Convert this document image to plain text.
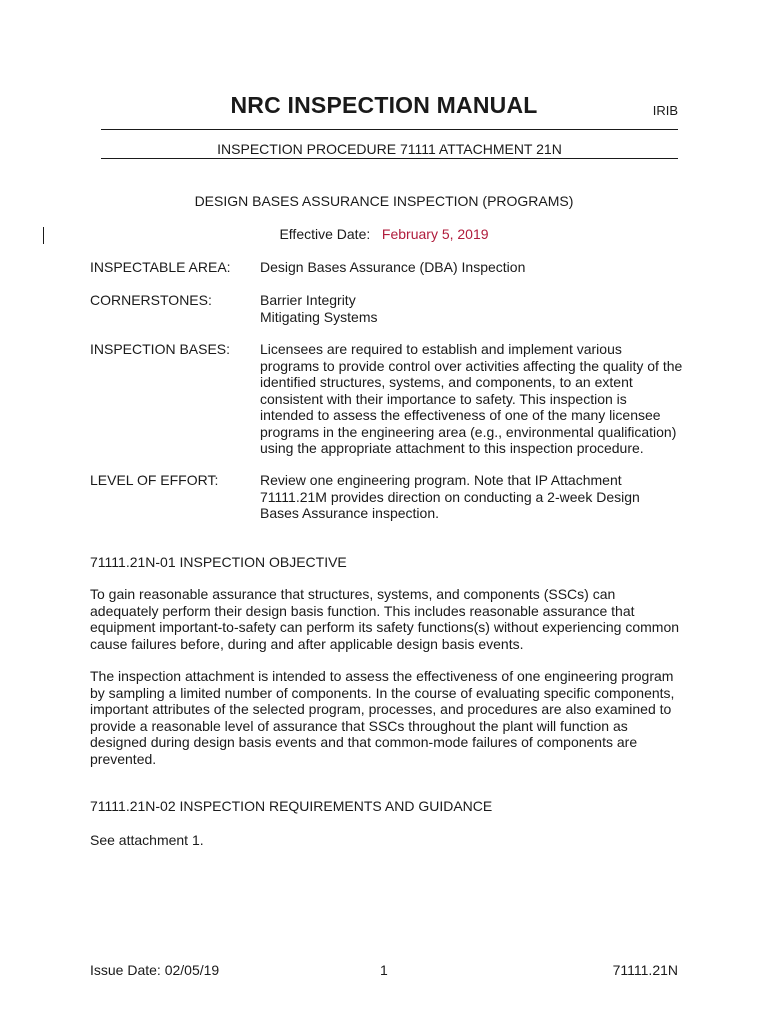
NRC INSPECTION MANUAL	IRIB
INSPECTION PROCEDURE 71111 ATTACHMENT 21N
DESIGN BASES ASSURANCE INSPECTION (PROGRAMS)
Effective Date: February 5, 2019
INSPECTABLE AREA: Design Bases Assurance (DBA) Inspection
CORNERSTONES:	Barrier Integrity
Mitigating Systems
INSPECTION BASES: Licensees are required to establish and implement various
programs to provide control over activities affecting the quality of the
identified structures, systems, and components, to an extent
consistent with their importance to safety. This inspection is
intended to assess the effectiveness of one of the many licensee
programs in the engineering area (e.g., environmental qualification)
using the appropriate attachment to this inspection procedure.
LEVEL OF EFFORT:	Review one engineering program. Note that IP Attachment
71111.21M provides direction on conducting a 2-week Design
Bases Assurance inspection.
71111.21N-01 INSPECTION OBJECTIVE
To gain reasonable assurance that structures, systems, and components (SSCs) can
adequately perform their design basis function. This includes reasonable assurance that
equipment important-to-safety can perform its safety functions(s) without experiencing common
cause failures before, during and after applicable design basis events.
The inspection attachment is intended to assess the effectiveness of one engineering program
by sampling a limited number of components. In the course of evaluating specific components,
important attributes of the selected program, processes, and procedures are also examined to
provide a reasonable level of assurance that SSCs throughout the plant will function as
designed during design basis events and that common-mode failures of components are
prevented.
71111.21N-02 INSPECTION REQUIREMENTS AND GUIDANCE
See attachment 1.
Issue Date: 02/05/19	1	71111.21N
